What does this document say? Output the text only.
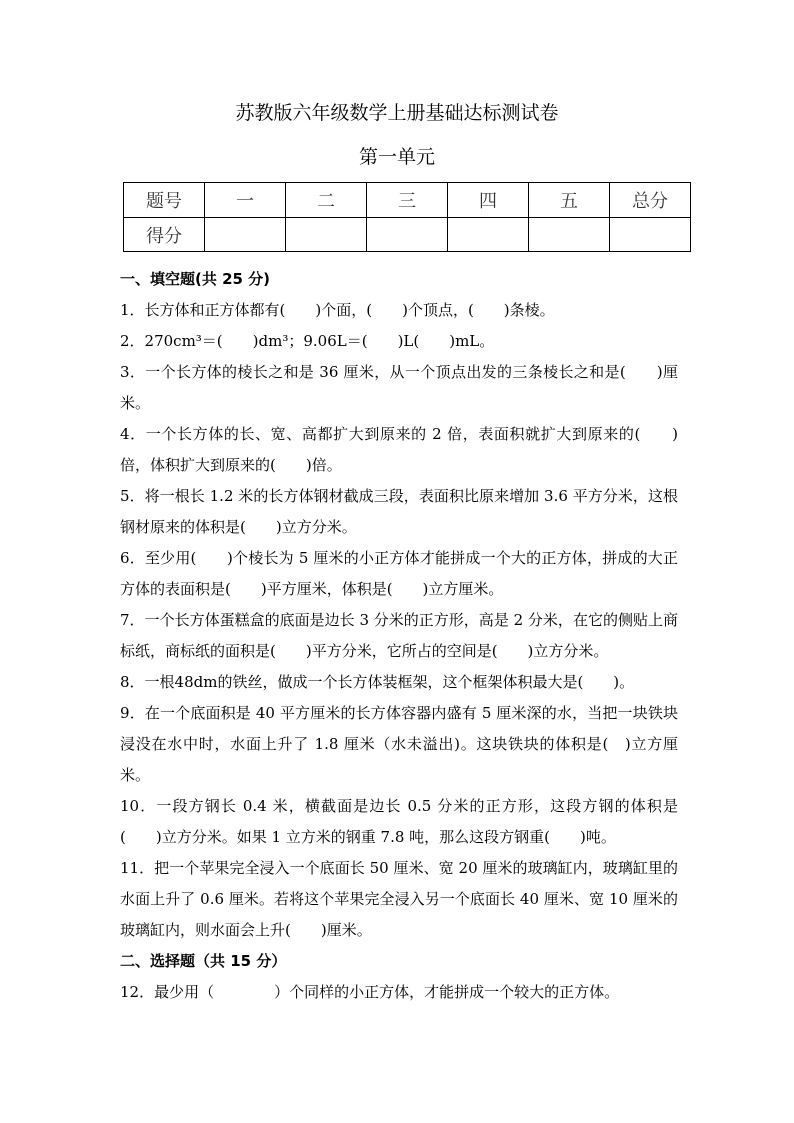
苏教版六年级数学上册基础达标测试卷
第一单元
题号	一	二	三	四	五	总分
得分						
一、填空题(共 25 分)
1．长方体和正方体都有(　　)个面，(　　)个顶点，(　　)条棱。
2．270cm³＝(　　)dm³；9.06L＝(　　)L(　　)mL。
3．一个长方体的棱长之和是 36 厘米，从一个顶点出发的三条棱长之和是(　　)厘米。
4．一个长方体的长、宽、高都扩大到原来的 2 倍，表面积就扩大到原来的(　　)倍，体积扩大到原来的(　　)倍。
5．将一根长 1.2 米的长方体钢材截成三段，表面积比原来增加 3.6 平方分米，这根钢材原来的体积是(　　)立方分米。
6．至少用(　　)个棱长为 5 厘米的小正方体才能拼成一个大的正方体，拼成的大正方体的表面积是(　　)平方厘米，体积是(　　)立方厘米。
7．一个长方体蛋糕盒的底面是边长 3 分米的正方形，高是 2 分米，在它的侧贴上商标纸，商标纸的面积是(　　)平方分米，它所占的空间是(　　)立方分米。
8．一根48dm的铁丝，做成一个长方体装框架，这个框架体积最大是(　　)。
9．在一个底面积是 40 平方厘米的长方体容器内盛有 5 厘米深的水，当把一块铁块浸没在水中时，水面上升了 1.8 厘米（水未溢出)。这块铁块的体积是(　)立方厘米。
10．一段方钢长 0.4 米，横截面是边长 0.5 分米的正方形，这段方钢的体积是(　　)立方分米。如果 1 立方米的钢重 7.8 吨，那么这段方钢重(　　)吨。
11．把一个苹果完全浸入一个底面长 50 厘米、宽 20 厘米的玻璃缸内，玻璃缸里的水面上升了 0.6 厘米。若将这个苹果完全浸入另一个底面长 40 厘米、宽 10 厘米的玻璃缸内，则水面会上升(　　)厘米。
二、选择题（共 15 分）
12．最少用（　　　　）个同样的小正方体，才能拼成一个较大的正方体。
